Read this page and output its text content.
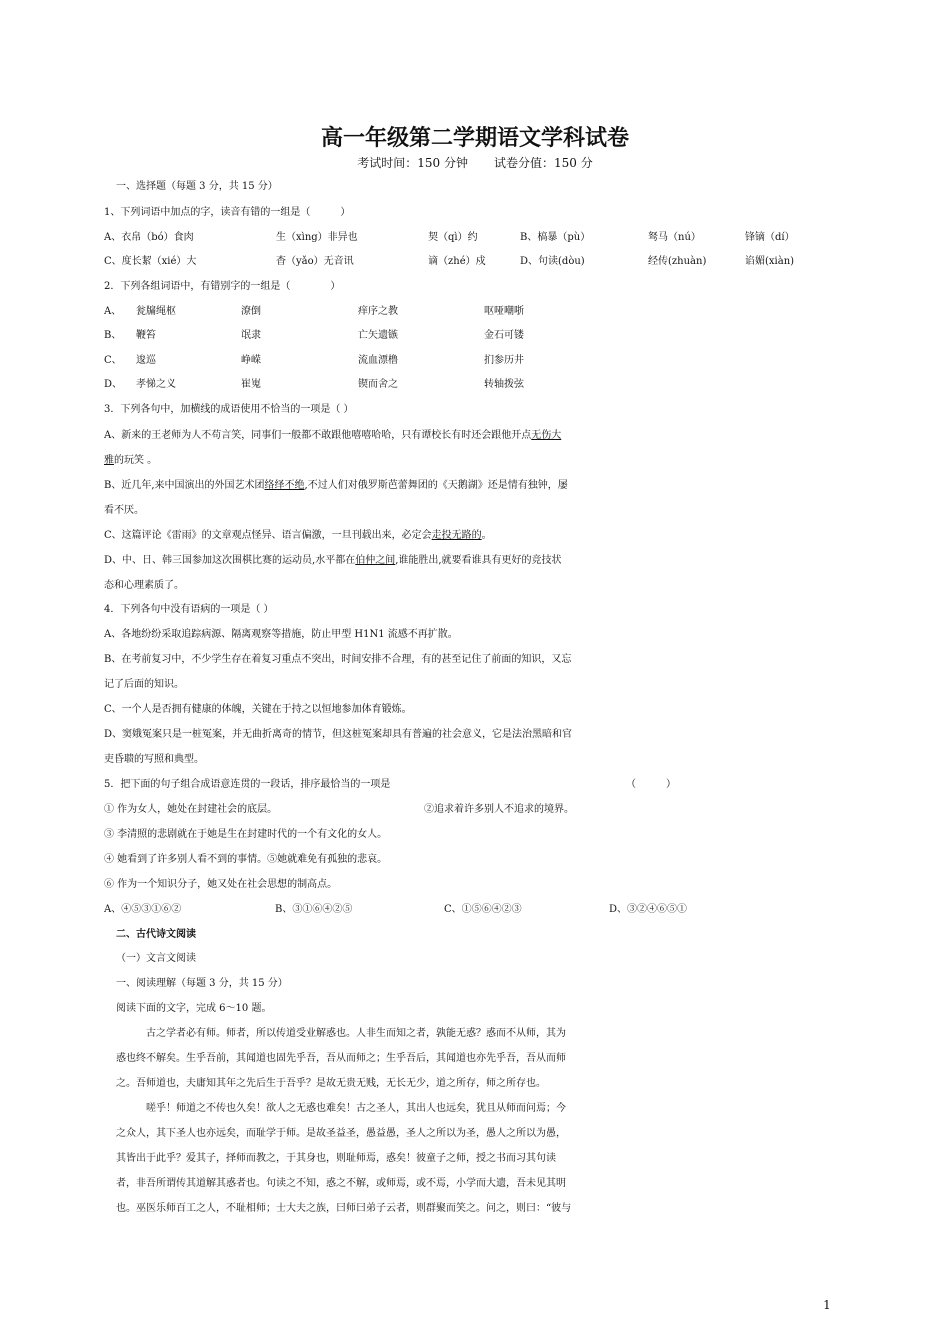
高一年级第二学期语文学科试卷
考试时间：150 分钟 试卷分值：150 分
一、选择题（每题 3 分，共 15 分）
1、下列词语中加点的字，读音有错的一组是（　　　）
A、衣帛（bó）食肉	生（xìng）非异也	契（qì）约	B、槁暴（pù）	驽马（nú）	锋镝（dí）
C、度长絜（xié）大	杳（yǎo）无音讯	谪（zhé）戍	D、句读(dòu)	经传(zhuàn)	谄媚(xiàn)
2．下列各组词语中，有错别字的一组是（　　　　）
A、 瓮牖绳枢	潦倒	痒序之教	呕哑嘲哳
B、 鞭笞	氓隶	亡矢遗镞	金石可镂
C、 逡巡	峥嵘	流血漂橹	扪参历井
D、 孝悌之义	崔嵬	锲而舍之	转轴拨弦
3．下列各句中，加横线的成语使用不恰当的一项是（ ）
A、新来的王老师为人不苟言笑，同事们一般都不敢跟他嘻嘻哈哈，只有谭校长有时还会跟他开点无伤大
雅的玩笑 。
B、近几年,来中国演出的外国艺术团络绎不绝,不过人们对俄罗斯芭蕾舞团的《天鹅湖》还是情有独钟，屡
看不厌。
C、这篇评论《雷雨》的文章观点怪异、语言偏激，一旦刊载出来，必定会走投无路的。
D、中、日、韩三国参加这次围棋比赛的运动员,水平都在伯仲之间,谁能胜出,就要看谁具有更好的竞技状
态和心理素质了。
4．下列各句中没有语病的一项是（ ）
A、各地纷纷采取追踪病源、隔离观察等措施，防止甲型 H1N1 流感不再扩散。
B、在考前复习中，不少学生存在着复习重点不突出，时间安排不合理，有的甚至记住了前面的知识，又忘
记了后面的知识。
C、一个人是否拥有健康的体魄，关键在于持之以恒地参加体育锻炼。
D、窦娥冤案只是一桩冤案，并无曲折离奇的情节，但这桩冤案却具有普遍的社会意义，它是法治黑暗和官
吏昏聩的写照和典型。
5．把下面的句子组合成语意连贯的一段话，排序最恰当的一项是	（　　　）
① 作为女人，她处在封建社会的底层。	②追求着许多别人不追求的境界。
③ 李清照的悲剧就在于她是生在封建时代的一个有文化的女人。
④ 她看到了许多别人看不到的事情。⑤她就难免有孤独的悲哀。
⑥ 作为一个知识分子，她又处在社会思想的制高点。
A、④⑤③①⑥②	B、③①⑥④②⑤	C、①⑤⑥④②③	D、③②④⑥⑤①
二、古代诗文阅读
（一）文言文阅读
一、阅读理解（每题 3 分，共 15 分）
阅读下面的文字，完成 6～10 题。
古之学者必有师。师者，所以传道受业解惑也。人非生而知之者，孰能无惑？惑而不从师，其为
惑也终不解矣。生乎吾前，其闻道也固先乎吾，吾从而师之；生乎吾后，其闻道也亦先乎吾，吾从而师
之。吾师道也，夫庸知其年之先后生于吾乎？是故无贵无贱，无长无少，道之所存，师之所存也。
嗟乎！师道之不传也久矣！欲人之无惑也难矣！古之圣人，其出人也远矣，犹且从师而问焉；今
之众人，其下圣人也亦远矣，而耻学于师。是故圣益圣，愚益愚，圣人之所以为圣，愚人之所以为愚，
其皆出于此乎？爱其子，择师而教之，于其身也，则耻师焉，惑矣！彼童子之师，授之书而习其句读
者，非吾所谓传其道解其惑者也。句读之不知，惑之不解，或师焉，或不焉，小学而大遗，吾未见其明
也。巫医乐师百工之人，不耻相师；士大夫之族，曰师曰弟子云者，则群聚而笑之。问之，则曰：“彼与
1
